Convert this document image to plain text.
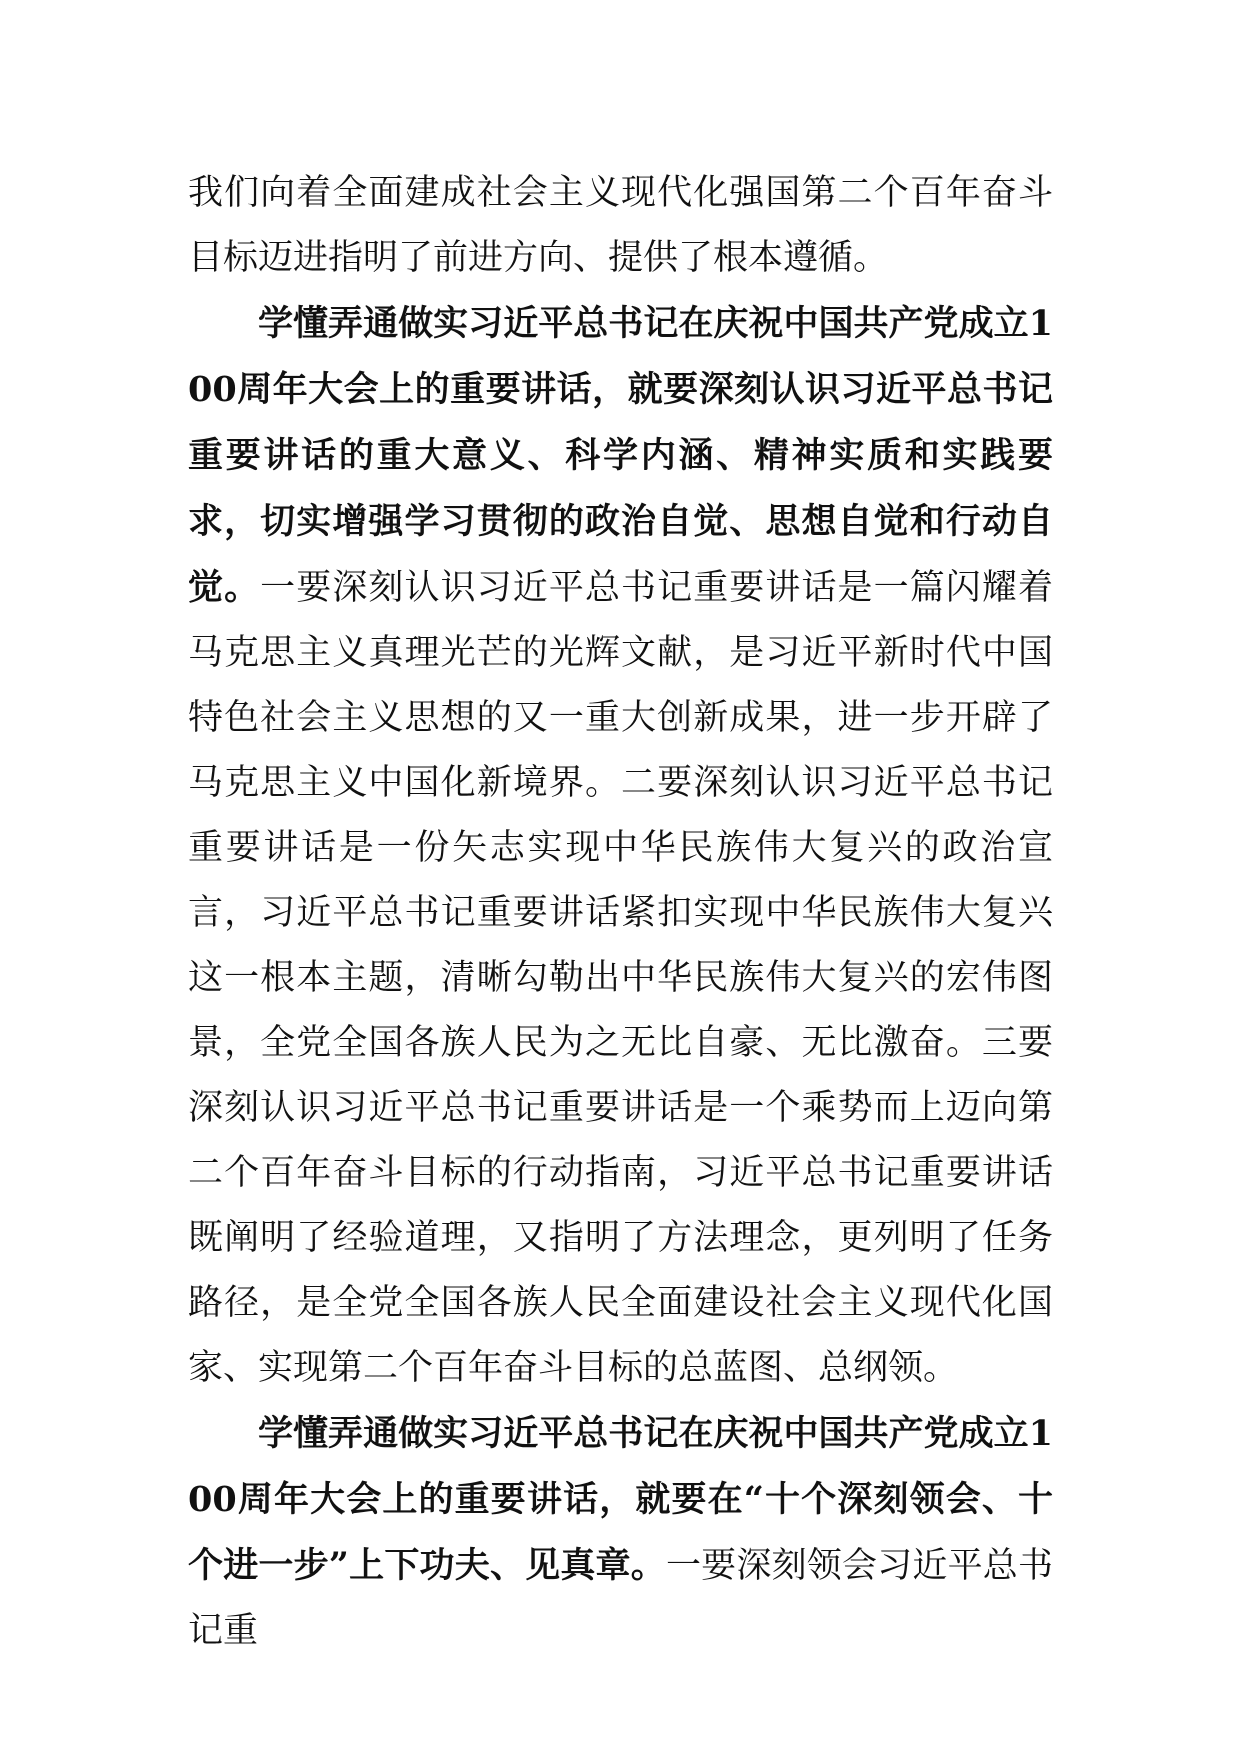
我们向着全面建成社会主义现代化强国第二个百年奋斗目标迈进指明了前进方向、提供了根本遵循。

学懂弄通做实习近平总书记在庆祝中国共产党成立100周年大会上的重要讲话，就要深刻认识习近平总书记重要讲话的重大意义、科学内涵、精神实质和实践要求，切实增强学习贯彻的政治自觉、思想自觉和行动自觉。一要深刻认识习近平总书记重要讲话是一篇闪耀着马克思主义真理光芒的光辉文献，是习近平新时代中国特色社会主义思想的又一重大创新成果，进一步开辟了马克思主义中国化新境界。二要深刻认识习近平总书记重要讲话是一份矢志实现中华民族伟大复兴的政治宣言，习近平总书记重要讲话紧扣实现中华民族伟大复兴这一根本主题，清晰勾勒出中华民族伟大复兴的宏伟图景，全党全国各族人民为之无比自豪、无比激奋。三要深刻认识习近平总书记重要讲话是一个乘势而上迈向第二个百年奋斗目标的行动指南，习近平总书记重要讲话既阐明了经验道理，又指明了方法理念，更列明了任务路径，是全党全国各族人民全面建设社会主义现代化国家、实现第二个百年奋斗目标的总蓝图、总纲领。

学懂弄通做实习近平总书记在庆祝中国共产党成立100周年大会上的重要讲话，就要在“十个深刻领会、十个进一步”上下功夫、见真章。一要深刻领会习近平总书记重
